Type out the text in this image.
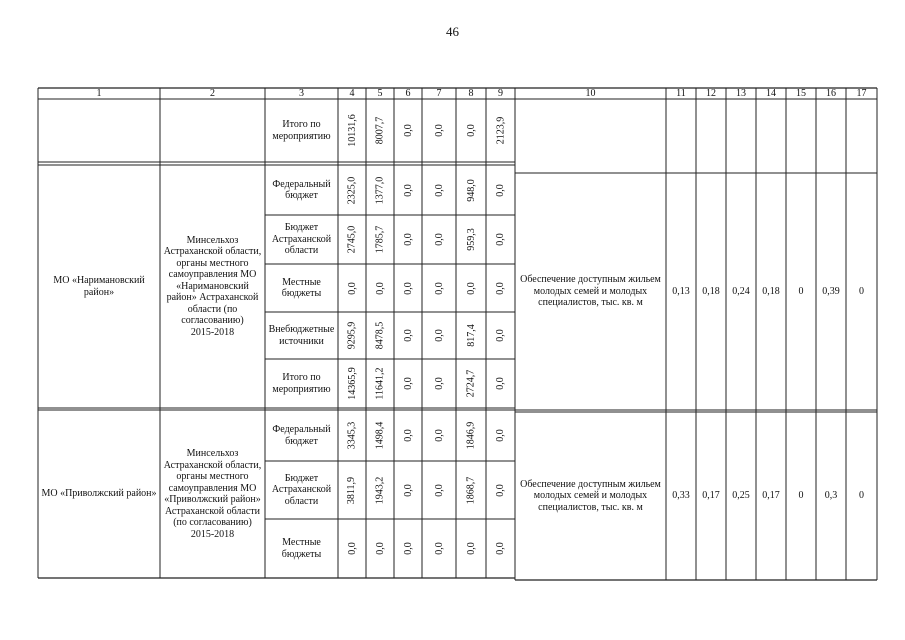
46
1	2	3	4	5	6	7	8	9	10	11	12	13	14	15	16	17
Итого по мероприятию	10131,6 8007,7 0,0 0,0 0,0 2123,9
МО «Наримановский район»
Минсельхоз Астраханской области, органы местного самоуправления МО «Наримановский район» Астраханской области (по согласованию)
2015-2018
Федеральный бюджет	2325,0 1377,0 0,0 0,0 948,0 0,0
Бюджет Астраханской области	2745,0 1785,7 0,0 0,0 959,3 0,0
Местные бюджеты	0,0 0,0 0,0 0,0 0,0 0,0
Внебюджетные источники	9295,9 8478,5 0,0 0,0 817,4 0,0
Итого по мероприятию	14365,9 11641,2 0,0 0,0 2724,7 0,0
Обеспечение доступным жильем молодых семей и молодых специалистов, тыс. кв. м
0,13	0,18	0,24	0,18	0	0,39	0
МО «Приволжский район»
Минсельхоз Астраханской области, органы местного самоуправления МО «Приволжский район» Астраханской области (по согласованию)
2015-2018
Федеральный бюджет	3345,3 1498,4 0,0 0,0 1846,9 0,0
Бюджет Астраханской области	3811,9 1943,2 0,0 0,0 1868,7 0,0
Местные бюджеты	0,0 0,0 0,0 0,0 0,0 0,0
Обеспечение доступным жильем молодых семей и молодых специалистов, тыс. кв. м
0,33	0,17	0,25	0,17	0	0,3	0
